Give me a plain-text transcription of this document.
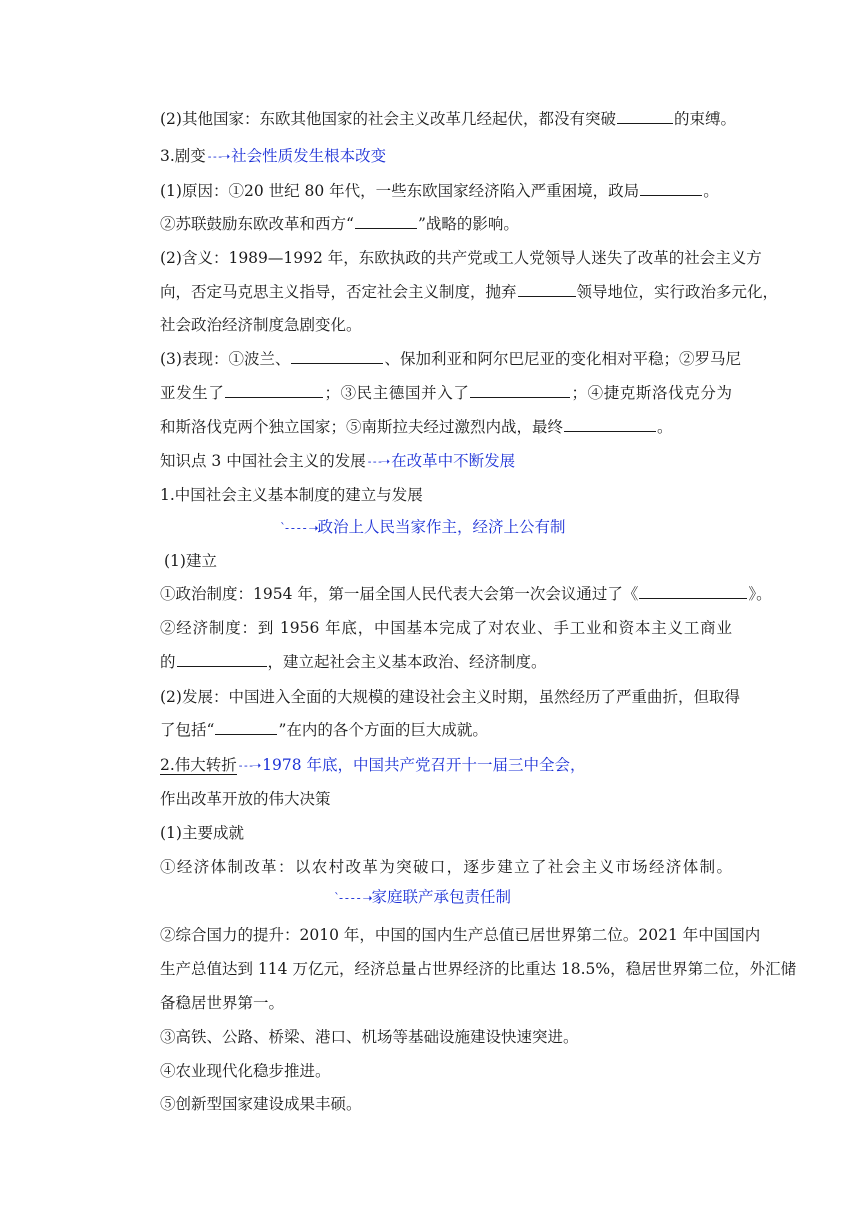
(2)其他国家：东欧其他国家的社会主义改革几经起伏，都没有突破	的束缚。
3.剧变 - - -➝ 社会性质发生根本改变
(1)原因：①20 世纪 80 年代，一些东欧国家经济陷入严重困境，政局	。
②苏联鼓励东欧改革和西方“	”战略的影响。
(2)含义：1989—1992 年，东欧执政的共产党或工人党领导人迷失了改革的社会主义方
向，否定马克思主义指导，否定社会主义制度，抛弃	领导地位，实行政治多元化，
社会政治经济制度急剧变化。
(3)表现：①波兰、	、保加利亚和阿尔巴尼亚的变化相对平稳；②罗马尼
亚发生了	；③民主德国并入了	；④捷克斯洛伐克分为
和斯洛伐克两个独立国家；⑤南斯拉夫经过激烈内战，最终	。
知识点 3 中国社会主义的发展 - - -➝ 在改革中不断发展
1.中国社会主义基本制度的建立与发展
`- - - - ➝政治上人民当家作主，经济上公有制
(1)建立
①政治制度：1954 年，第一届全国人民代表大会第一次会议通过了《	》。
②经济制度：到 1956 年底，中国基本完成了对农业、手工业和资本主义工商业
的	，建立起社会主义基本政治、经济制度。
(2)发展：中国进入全面的大规模的建设社会主义时期，虽然经历了严重曲折，但取得
了包括“	”在内的各个方面的巨大成就。
2.伟大转折 - - -➝ 1978 年底，中国共产党召开十一届三中全会，
作出改革开放的伟大决策
(1)主要成就
①经济体制改革：以农村改革为突破口，逐步建立了社会主义市场经济体制。
`- - - - ➝家庭联产承包责任制
②综合国力的提升：2010 年，中国的国内生产总值已居世界第二位。2021 年中国国内
生产总值达到 114 万亿元，经济总量占世界经济的比重达 18.5%，稳居世界第二位，外汇储
备稳居世界第一。
③高铁、公路、桥梁、港口、机场等基础设施建设快速突进。
④农业现代化稳步推进。
⑤创新型国家建设成果丰硕。
